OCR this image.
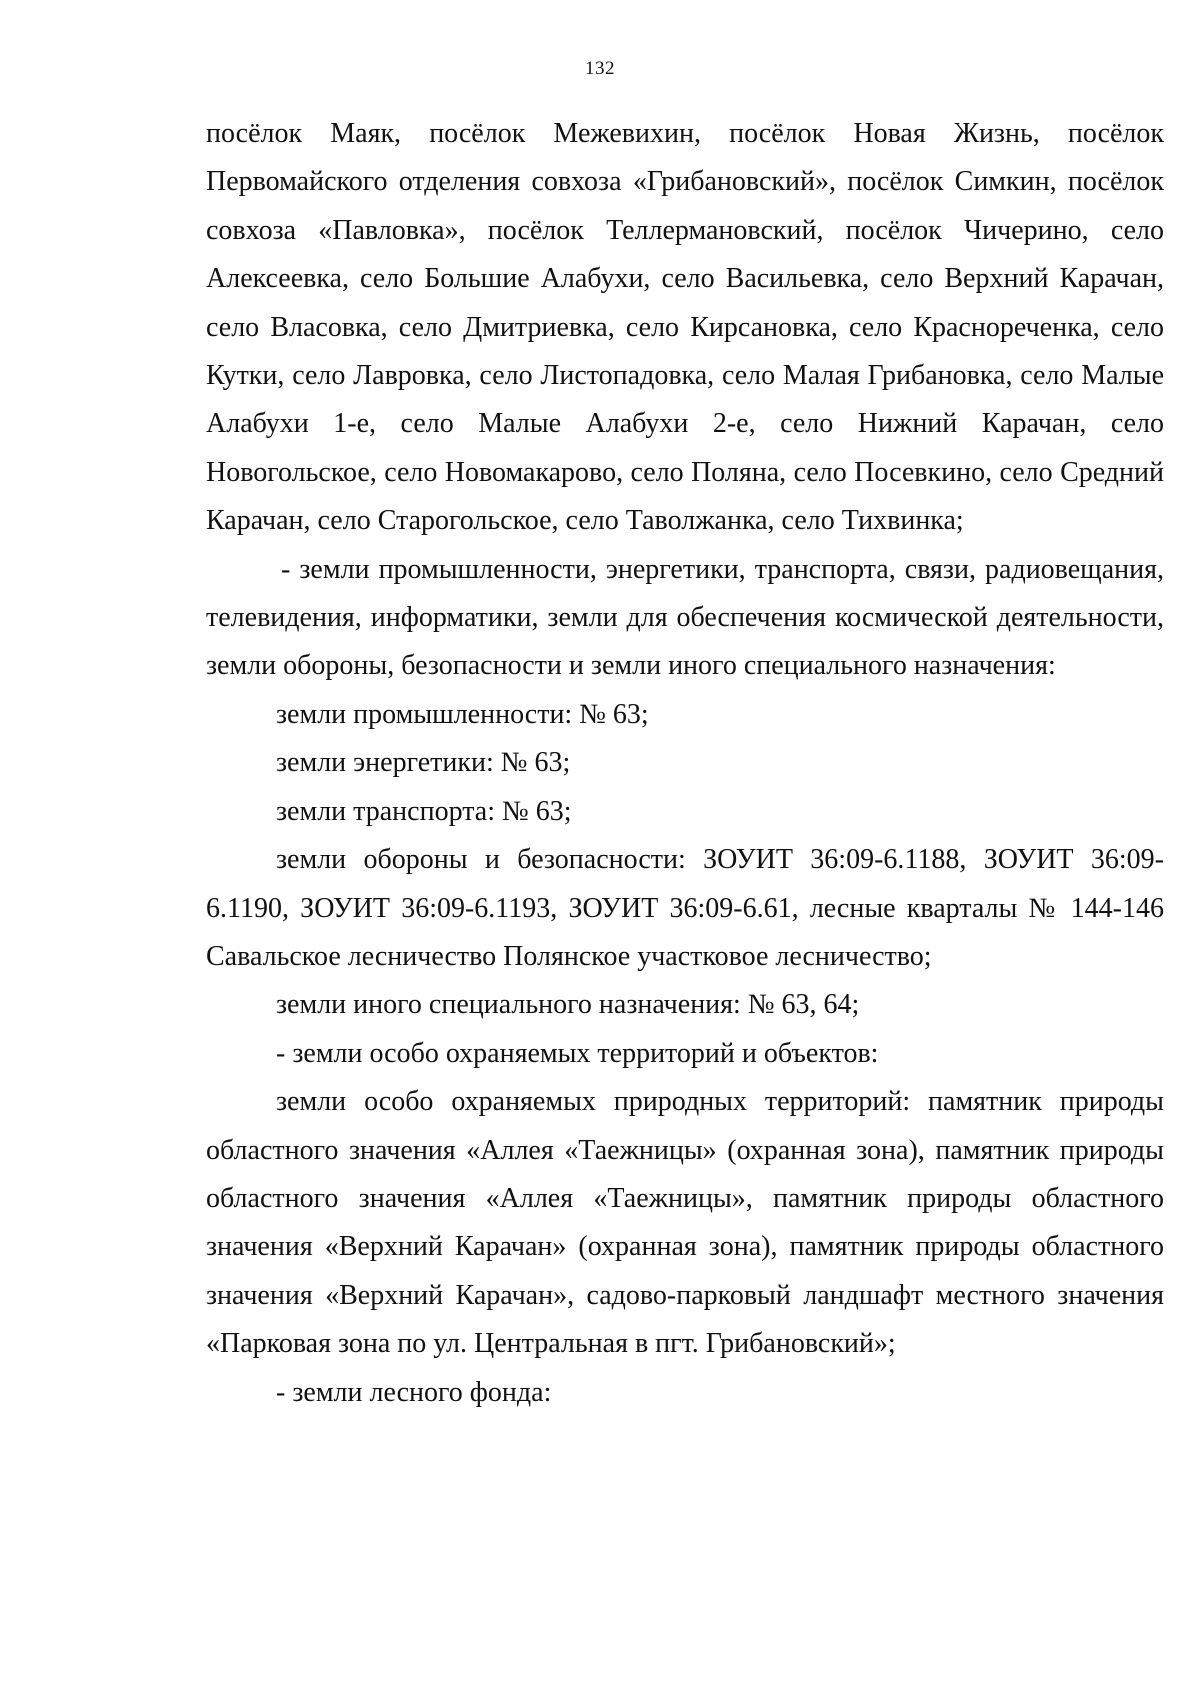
132

посёлок Маяк, посёлок Межевихин, посёлок Новая Жизнь, посёлок Первомайского отделения совхоза «Грибановский», посёлок Симкин, посёлок совхоза «Павловка», посёлок Теллермановский, посёлок Чичерино, село Алексеевка, село Большие Алабухи, село Васильевка, село Верхний Карачан, село Власовка, село Дмитриевка, село Кирсановка, село Краснореченка, село Кутки, село Лавровка, село Листопадовка, село Малая Грибановка, село Малые Алабухи 1-е, село Малые Алабухи 2-е, село Нижний Карачан, село Новогольское, село Новомакарово, село Поляна, село Посевкино, село Средний Карачан, село Старогольское, село Таволжанка, село Тихвинка;

- земли промышленности, энергетики, транспорта, связи, радиовещания, телевидения, информатики, земли для обеспечения космической деятельности, земли обороны, безопасности и земли иного специального назначения:

земли промышленности: № 63;

земли энергетики: № 63;

земли транспорта: № 63;

земли обороны и безопасности: ЗОУИТ 36:09-6.1188, ЗОУИТ 36:09-6.1190, ЗОУИТ 36:09-6.1193, ЗОУИТ 36:09-6.61, лесные кварталы № 144-146 Савальское лесничество Полянское участковое лесничество;

земли иного специального назначения: № 63, 64;

- земли особо охраняемых территорий и объектов:

земли особо охраняемых природных территорий: памятник природы областного значения «Аллея «Таежницы» (охранная зона), памятник природы областного значения «Аллея «Таежницы», памятник природы областного значения «Верхний Карачан» (охранная зона), памятник природы областного значения «Верхний Карачан», садово-парковый ландшафт местного значения «Парковая зона по ул. Центральная в пгт. Грибановский»;

- земли лесного фонда:
